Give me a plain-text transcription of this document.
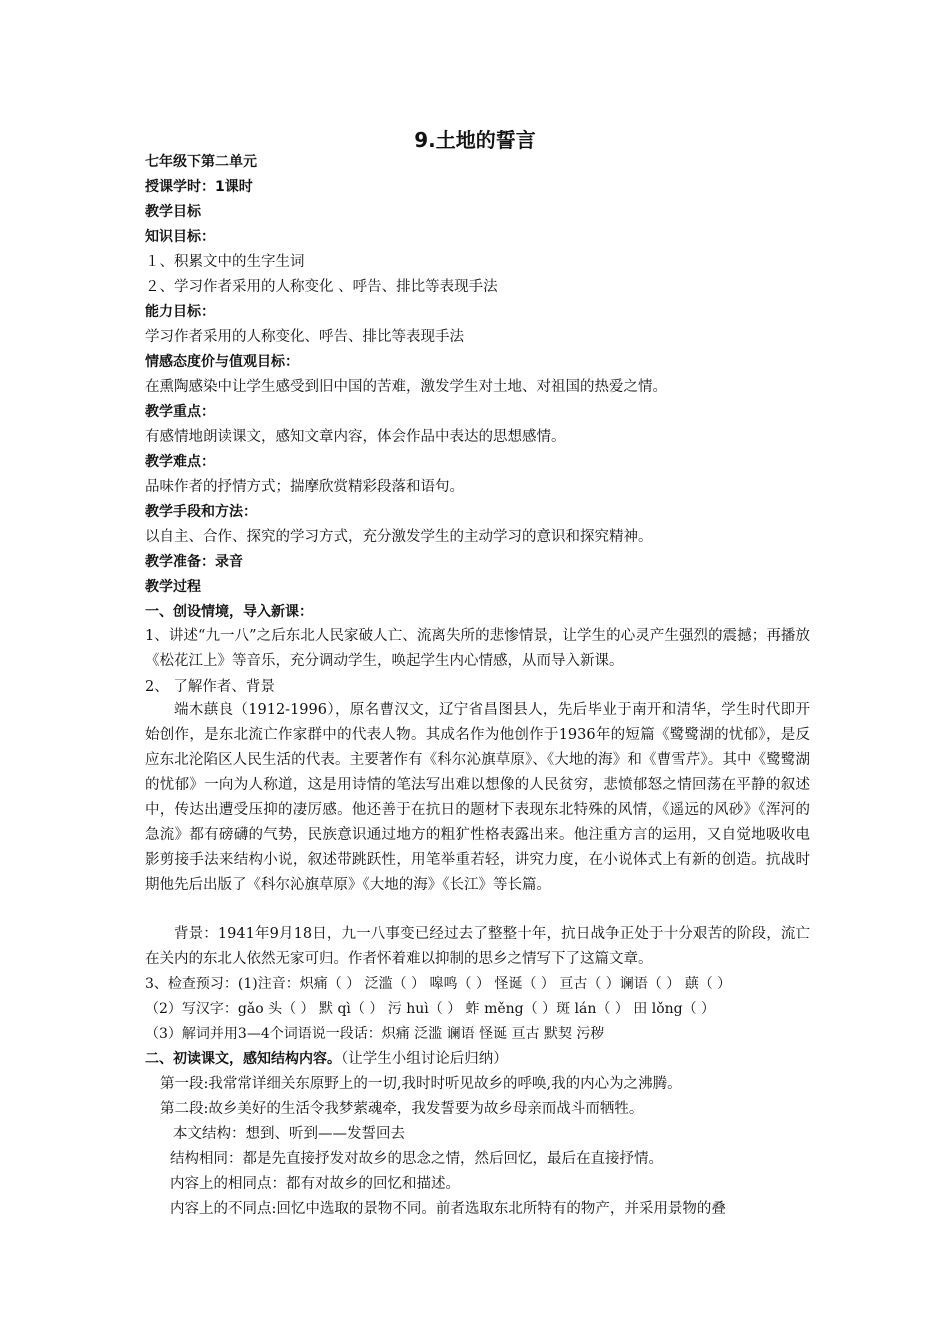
9.土地的誓言
七年级下第二单元
授课学时：1课时
教学目标
知识目标：
１、积累文中的生字生词
２、学习作者采用的人称变化 、呼告、排比等表现手法
能力目标：
学习作者采用的人称变化、呼告、排比等表现手法
情感态度价与值观目标：
在熏陶感染中让学生感受到旧中国的苦难，激发学生对土地、对祖国的热爱之情。
教学重点：
有感情地朗读课文，感知文章内容，体会作品中表达的思想感情。
教学难点：
品味作者的抒情方式；揣摩欣赏精彩段落和语句。
教学手段和方法：
以自主、合作、探究的学习方式，充分激发学生的主动学习的意识和探究精神。
教学准备：录音
教学过程
一、创设情境，导入新课：

1、讲述“九一八”之后东北人民家破人亡、流离失所的悲惨情景，让学生的心灵产生强烈的震撼；再播放《松花江上》等音乐，充分调动学生，唤起学生内心情感，从而导入新课。

2、 了解作者、背景

端木蕻良（1912-1996），原名曹汉文，辽宁省昌图县人，先后毕业于南开和清华，学生时代即开始创作，是东北流亡作家群中的代表人物。其成名作为他创作于1936年的短篇《鹭鹭湖的忧郁》，是反应东北沦陷区人民生活的代表。主要著作有《科尔沁旗草原》、《大地的海》和《曹雪芹》。其中《鹭鹭湖的忧郁》一向为人称道，这是用诗情的笔法写出难以想像的人民贫穷，悲愤郁怒之情回荡在平静的叙述中，传达出遭受压抑的凄厉感。他还善于在抗日的题材下表现东北特殊的风情，《遥远的风砂》《浑河的急流》都有磅礴的气势，民族意识通过地方的粗犷性格表露出来。他注重方言的运用，又自觉地吸收电影剪接手法来结构小说，叙述带跳跃性，用笔举重若轻，讲究力度，在小说体式上有新的创造。抗战时期他先后出版了《科尔沁旗草原》《大地的海》《长江》等长篇。

背景：1941年9月18日，九一八事变已经过去了整整十年，抗日战争正处于十分艰苦的阶段，流亡在关内的东北人依然无家可归。作者怀着难以抑制的思乡之情写下了这篇文章。

3、检查预习：(1)注音：炽痛（ ） 泛滥（ ） 嗥鸣（ ） 怪诞（ ） 亘古（ ）谰语（ ） 蕻（ ）
（2）写汉字：gǎo 头（ ） 默 qì（ ） 污 huì（ ） 蚱 měng（ ）斑 lán（ ） 田 lǒng（ ）
（3）解词并用3—4个词语说一段话：炽痛 泛滥 谰语 怪诞 亘古 默契 污秽
二、初读课文，感知结构内容。（让学生小组讨论后归纳）
第一段:我常常详细关东原野上的一切,我时时听见故乡的呼唤,我的内心为之沸腾。
第二段:故乡美好的生活令我梦萦魂牵，我发誓要为故乡母亲而战斗而牺牲。
本文结构：想到、听到——发誓回去
结构相同：都是先直接抒发对故乡的思念之情，然后回忆，最后在直接抒情。
内容上的相同点：都有对故乡的回忆和描述。
内容上的不同点:回忆中选取的景物不同。前者选取东北所特有的物产，并采用景物的叠
